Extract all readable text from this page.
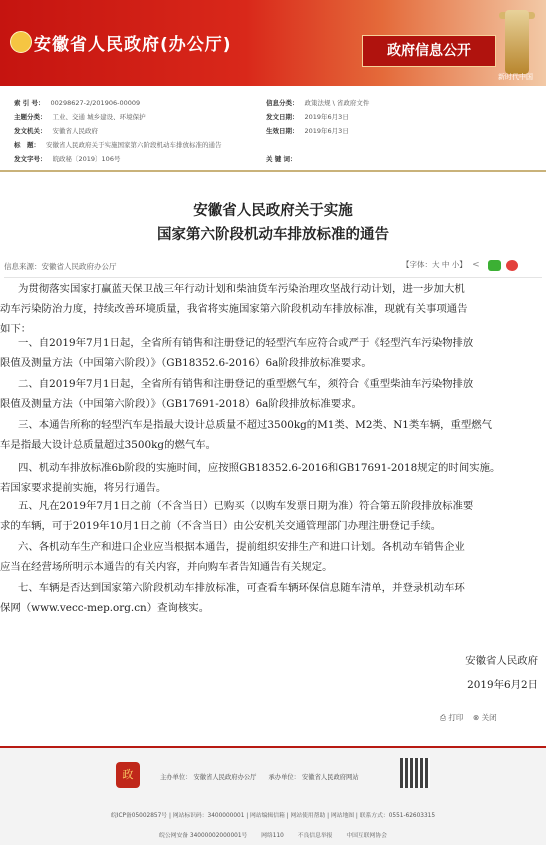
安徽省人民政府(办公厅)	政府信息公开
新时代中国
索 引 号： 00298627-2/201906-00009	信息分类： 政策法规 \ 省政府文件
主题分类： 工业、交通 城乡建设、环境保护	发文日期： 2019年6月3日
发文机关： 安徽省人民政府	生效日期： 2019年6月3日
标　题： 安徽省人民政府关于实施国家第六阶段机动车排放标准的通告
发文字号： 皖政秘〔2019〕106号	关 键 词：
安徽省人民政府关于实施
国家第六阶段机动车排放标准的通告
信息来源：安徽省人民政府办公厅	【字体：大 中 小】 <
为贯彻落实国家打赢蓝天保卫战三年行动计划和柴油货车污染治理攻坚战行动计划，进一步加大机
动车污染防治力度，持续改善环境质量，我省将实施国家第六阶段机动车排放标准，现就有关事项通告
如下：
一、自2019年7月1日起，全省所有销售和注册登记的轻型汽车应符合或严于《轻型汽车污染物排放
限值及测量方法（中国第六阶段）》（GB18352.6-2016）6a阶段排放标准要求。
二、自2019年7月1日起，全省所有销售和注册登记的重型燃气车，须符合《重型柴油车污染物排放
限值及测量方法（中国第六阶段）》（GB17691-2018）6a阶段排放标准要求。
三、本通告所称的轻型汽车是指最大设计总质量不超过3500kg的M1类、M2类、N1类车辆，重型燃气
车是指最大设计总质量超过3500kg的燃气车。
四、机动车排放标准6b阶段的实施时间，应按照GB18352.6-2016和GB17691-2018规定的时间实施。
若国家要求提前实施，将另行通告。
五、凡在2019年7月1日之前（不含当日）已购买（以购车发票日期为准）符合第五阶段排放标准要
求的车辆，可于2019年10月1日之前（不含当日）由公安机关交通管理部门办理注册登记手续。
六、各机动车生产和进口企业应当根据本通告，提前组织安排生产和进口计划。各机动车销售企业
应当在经营场所明示本通告的有关内容，并向购车者告知通告有关规定。
七、车辆是否达到国家第六阶段机动车排放标准，可查看车辆环保信息随车清单，并登录机动车环
保网（www.vecc-mep.org.cn）查询核实。
安徽省人民政府
2019年6月2日
⎙ 打印 ⊗ 关闭
政	主办单位： 安徽省人民政府办公厅 承办单位： 安徽省人民政府网站
皖ICP备05002857号 | 网站标识码：3400000001 | 网站编辑信箱 | 网站使用帮助 | 网站地图 | 联系方式：0551-62603315
皖公网安备 34000002000001号 网络110 不良信息举报 中国互联网协会
